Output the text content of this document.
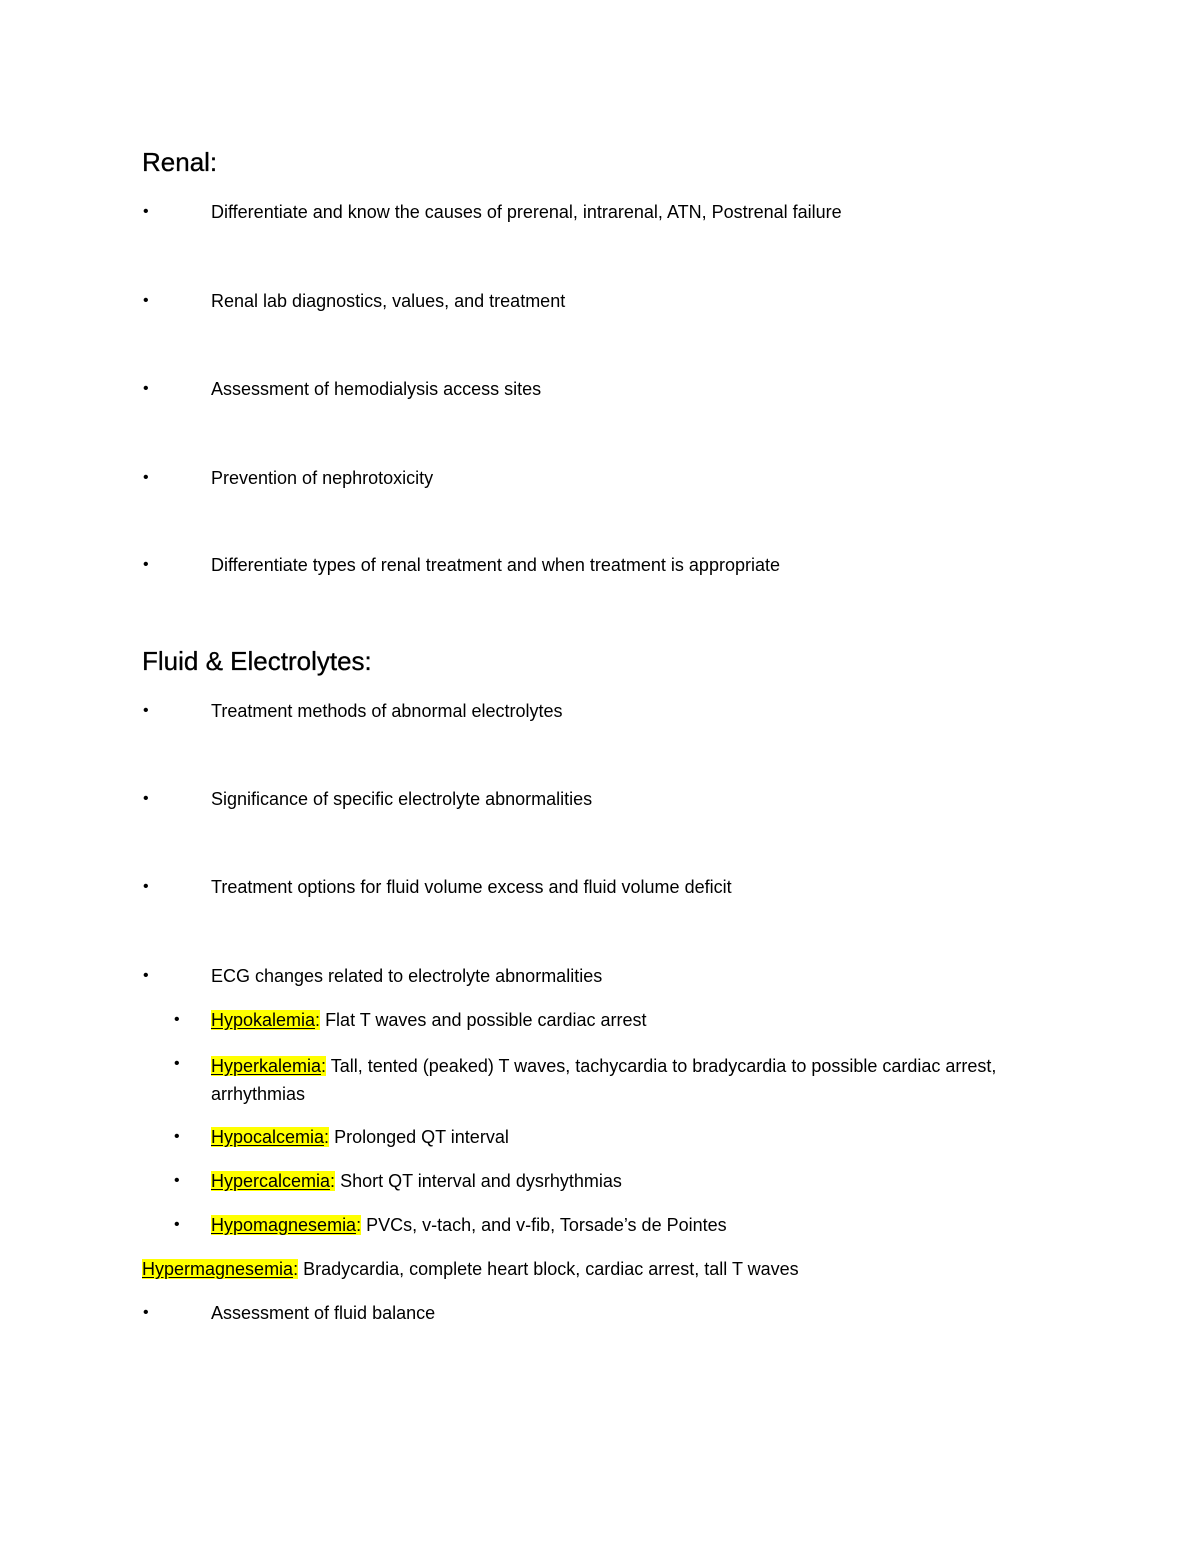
Renal:
•	Differentiate and know the causes of prerenal, intrarenal, ATN, Postrenal failure
•	Renal lab diagnostics, values, and treatment
•	Assessment of hemodialysis access sites
•	Prevention of nephrotoxicity
•	Differentiate types of renal treatment and when treatment is appropriate
Fluid & Electrolytes:
•	Treatment methods of abnormal electrolytes
•	Significance of specific electrolyte abnormalities
•	Treatment options for fluid volume excess and fluid volume deficit
•	ECG changes related to electrolyte abnormalities
• Hypokalemia: Flat T waves and possible cardiac arrest
• Hyperkalemia: Tall, tented (peaked) T waves, tachycardia to bradycardia to possible cardiac arrest, arrhythmias
• Hypocalcemia: Prolonged QT interval
• Hypercalcemia: Short QT interval and dysrhythmias
• Hypomagnesemia: PVCs, v-tach, and v-fib, Torsade’s de Pointes
Hypermagnesemia: Bradycardia, complete heart block, cardiac arrest, tall T waves
•	Assessment of fluid balance
